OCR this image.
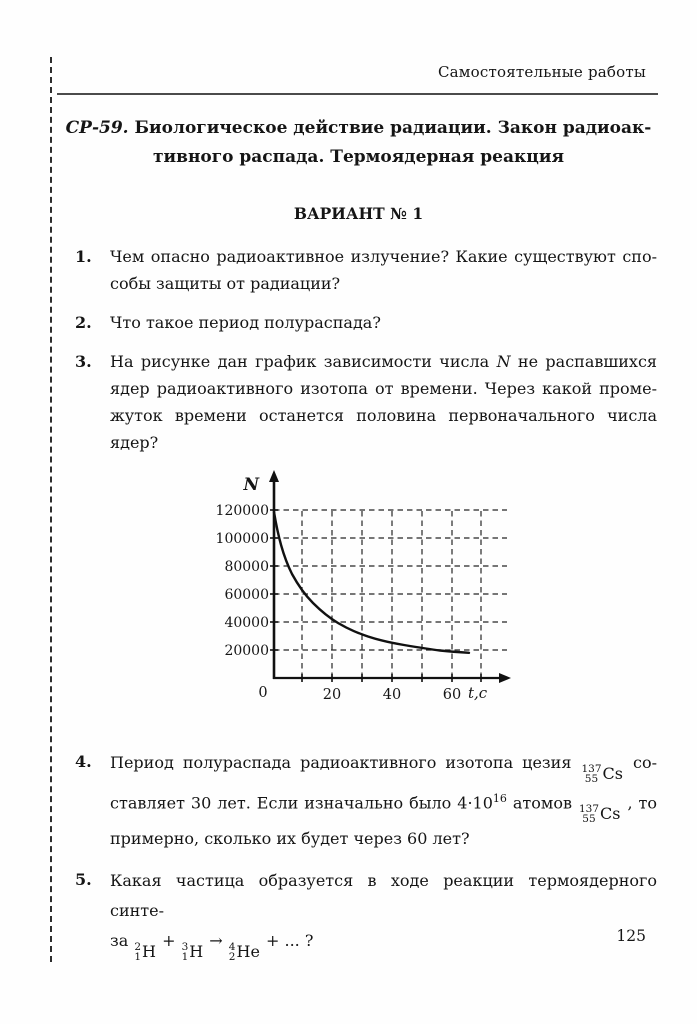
Самостоятельные работы
СР-59. Биологическое действие радиации. Закон радиоак-
тивного распада. Термоядерная реакция
ВАРИАНТ № 1
1.	Чем опасно радиоактивное излучение? Какие существуют спо-
собы защиты от радиации?
2.	Что такое период полураспада?
3.	На рисунке дан график зависимости числа N не распавшихся
ядер радиоактивного изотопа от времени. Через какой проме-
жуток времени останется половина первоначального числа
ядер?
N
120000
100000
80000
60000
40000
20000
0	20	40	60 t,c
4.	Период полураспада радиоактивного изотопа цезия 137
55 Cs
со-
ставляет 30 лет. Если изначально было $4\cdot 10^{16}$ атомов 137
55 Cs
, то
примерно, сколько их будет через 60 лет?
5.	Какая частица образуется в ходе реакции термоядерного синте-
за 2
1 H
+ 3
1 H
→ 4
2 He
+ ... ?	125
